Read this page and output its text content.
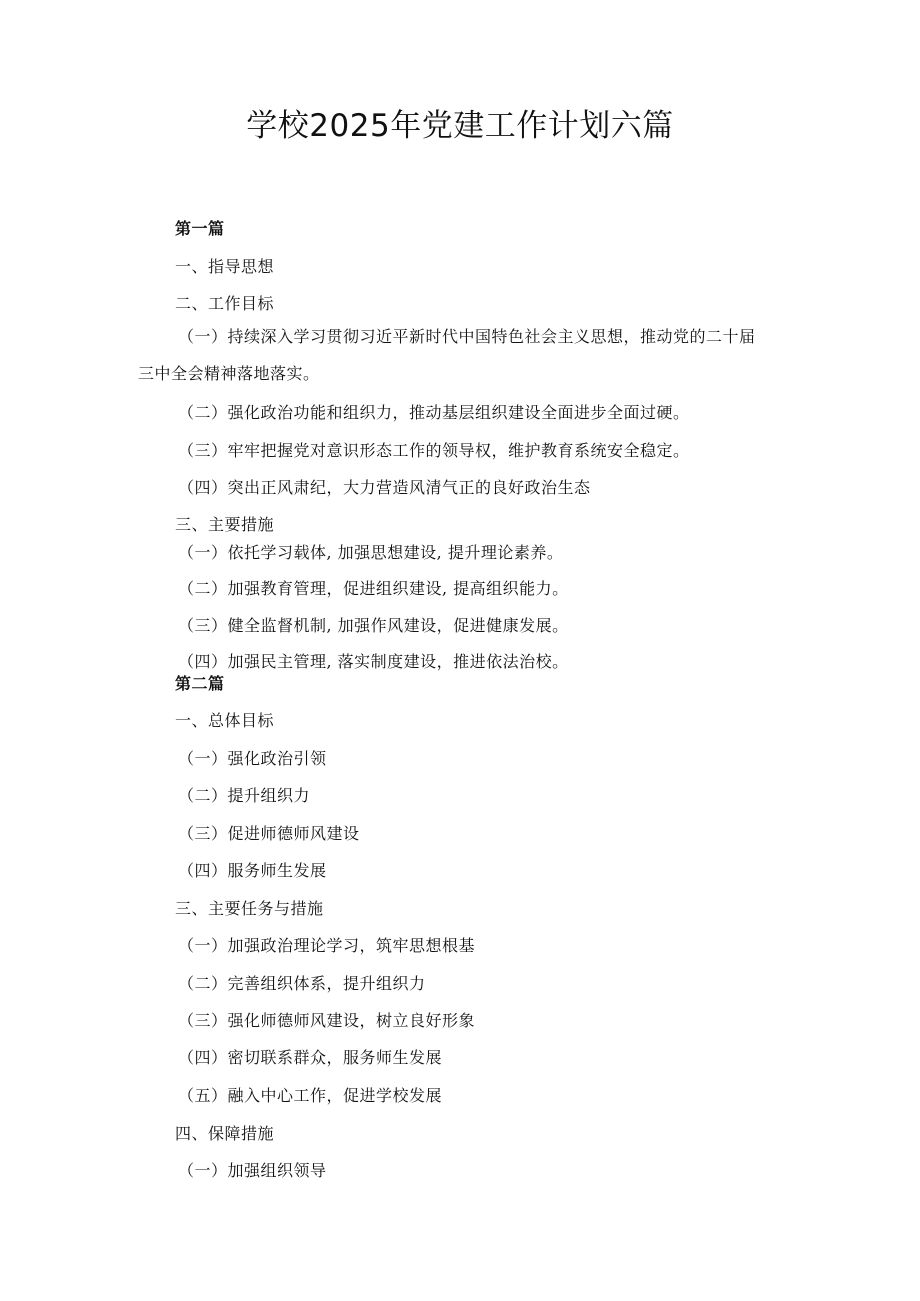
学校2025年党建工作计划六篇
第一篇
一、指导思想
二、工作目标
（一）持续深入学习贯彻习近平新时代中国特色社会主义思想，推动党的二十届
三中全会精神落地落实。
（二）强化政治功能和组织力，推动基层组织建设全面进步全面过硬。
（三）牢牢把握党对意识形态工作的领导权，维护教育系统安全稳定。
（四）突出正风肃纪，大力营造风清气正的良好政治生态
三、主要措施
（一）依托学习载体, 加强思想建设, 提升理论素养。
（二）加强教育管理，促进组织建设, 提高组织能力。
（三）健全监督机制, 加强作风建设，促进健康发展。
（四）加强民主管理, 落实制度建设，推进依法治校。
第二篇
一、总体目标
（一）强化政治引领
（二）提升组织力
（三）促进师德师风建设
（四）服务师生发展
三、主要任务与措施
（一）加强政治理论学习，筑牢思想根基
（二）完善组织体系，提升组织力
（三）强化师德师风建设，树立良好形象
（四）密切联系群众，服务师生发展
（五）融入中心工作，促进学校发展
四、保障措施
（一）加强组织领导
